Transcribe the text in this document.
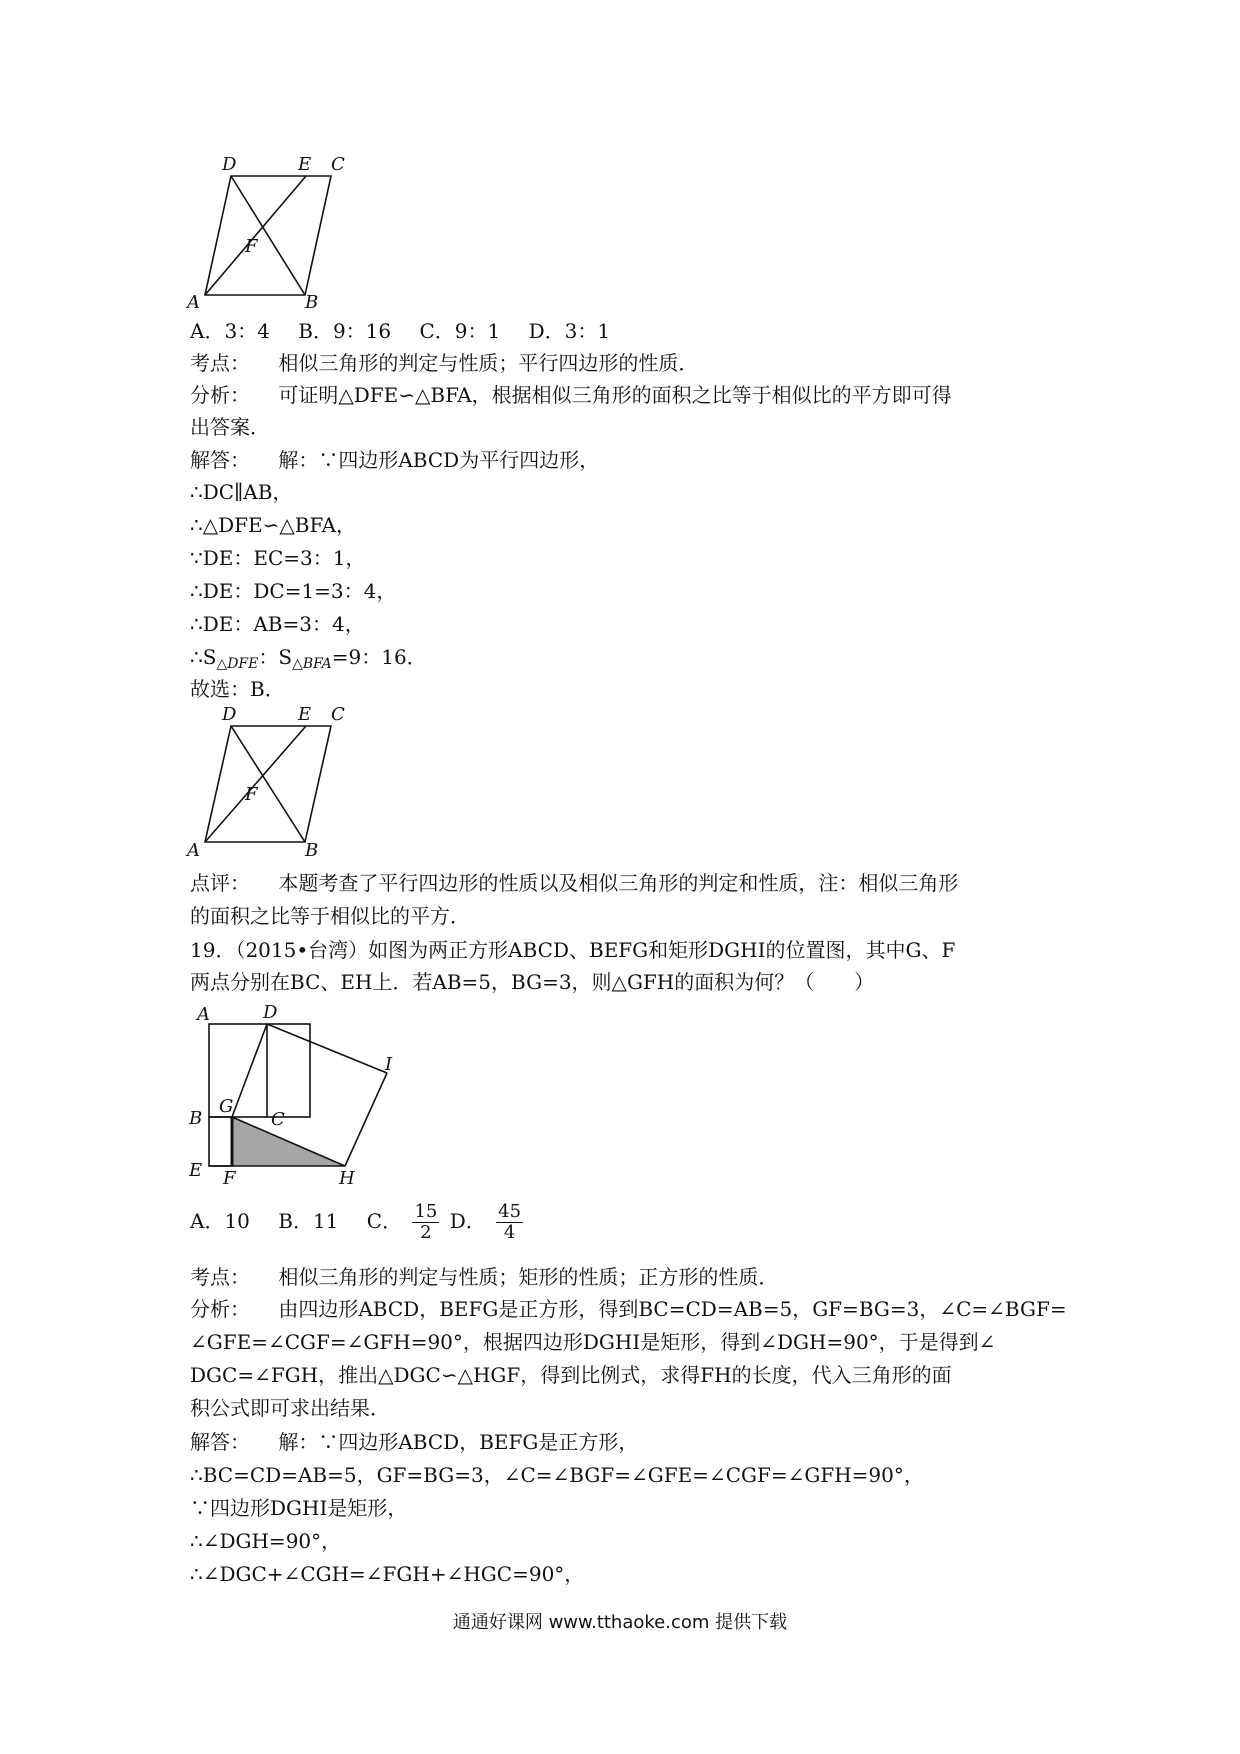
D	E C
F
A	B
A．3：4 B．9：16 C．9：1 D．3：1
考点： 相似三角形的判定与性质；平行四边形的性质．
分析： 可证明△DFE∽△BFA，根据相似三角形的面积之比等于相似比的平方即可得
出答案．
解答： 解：∵四边形ABCD为平行四边形，
∴DC∥AB，
∴△DFE∽△BFA，
∵DE：EC=3：1，
∴DE：DC=1=3：4，
∴DE：AB=3：4，
$\therefore S_{\triangle DFE}$：$S_{\triangle BFA}=9$：16．
故选：B．
D	E C
F
A	B
点评： 本题考查了平行四边形的性质以及相似三角形的判定和性质，注：相似三角形
的面积之比等于相似比的平方．
19．（2015•台湾）如图为两正方形ABCD、BEFG和矩形DGHI的位置图，其中G、F
两点分别在BC、EH上．若AB=5，BG=3，则△GFH的面积为何？（　　）
A	D
I
G
C
B
E F	H
A．10 B．11 C． $\frac{15}{2}$ D． $\frac{45}{4}$
考点： 相似三角形的判定与性质；矩形的性质；正方形的性质．
分析： 由四边形ABCD，BEFG是正方形，得到BC=CD=AB=5，GF=BG=3，∠C=∠BGF=
∠GFE=∠CGF=∠GFH=90°，根据四边形DGHI是矩形，得到∠DGH=90°，于是得到∠
DGC=∠FGH，推出△DGC∽△HGF，得到比例式，求得FH的长度，代入三角形的面
积公式即可求出结果．
解答： 解：∵四边形ABCD，BEFG是正方形，
∴BC=CD=AB=5，GF=BG=3，∠C=∠BGF=∠GFE=∠CGF=∠GFH=90°，
∵四边形DGHI是矩形，
∴∠DGH=90°，
∴∠DGC+∠CGH=∠FGH+∠HGC=90°，
通通好课网 www.tthaoke.com 提供下载
